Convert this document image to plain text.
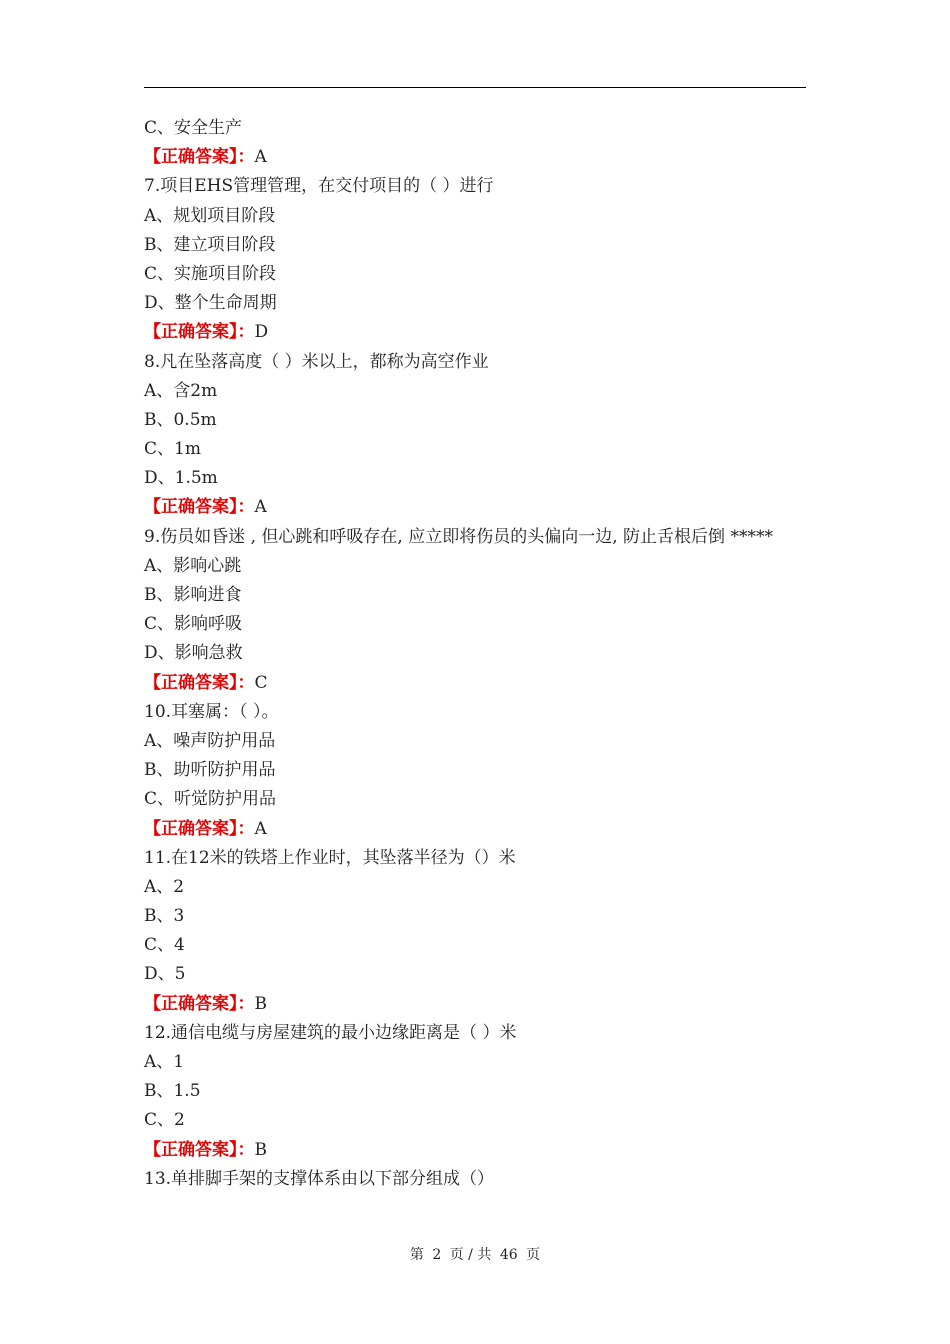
C、安全生产
【正确答案】：A
7.项目EHS管理管理，在交付项目的（ ）进行
A、规划项目阶段
B、建立项目阶段
C、实施项目阶段
D、整个生命周期
【正确答案】：D
8.凡在坠落高度（ ）米以上，都称为高空作业
A、含2m
B、0.5m
C、1m
D、1.5m
【正确答案】：A
9.伤员如昏迷 , 但心跳和呼吸存在, 应立即将伤员的头偏向一边, 防止舌根后倒 *****
A、影响心跳
B、影响进食
C、影响呼吸
D、影响急救
【正确答案】：C
10.耳塞属：（ ）。
A、噪声防护用品
B、助听防护用品
C、听觉防护用品
【正确答案】：A
11.在12米的铁塔上作业时，其坠落半径为（）米
A、2
B、3
C、4
D、5
【正确答案】：B
12.通信电缆与房屋建筑的最小边缘距离是（ ）米
A、1
B、1.5
C、2
【正确答案】：B
13.单排脚手架的支撑体系由以下部分组成（）
第 2 页 / 共 46 页
